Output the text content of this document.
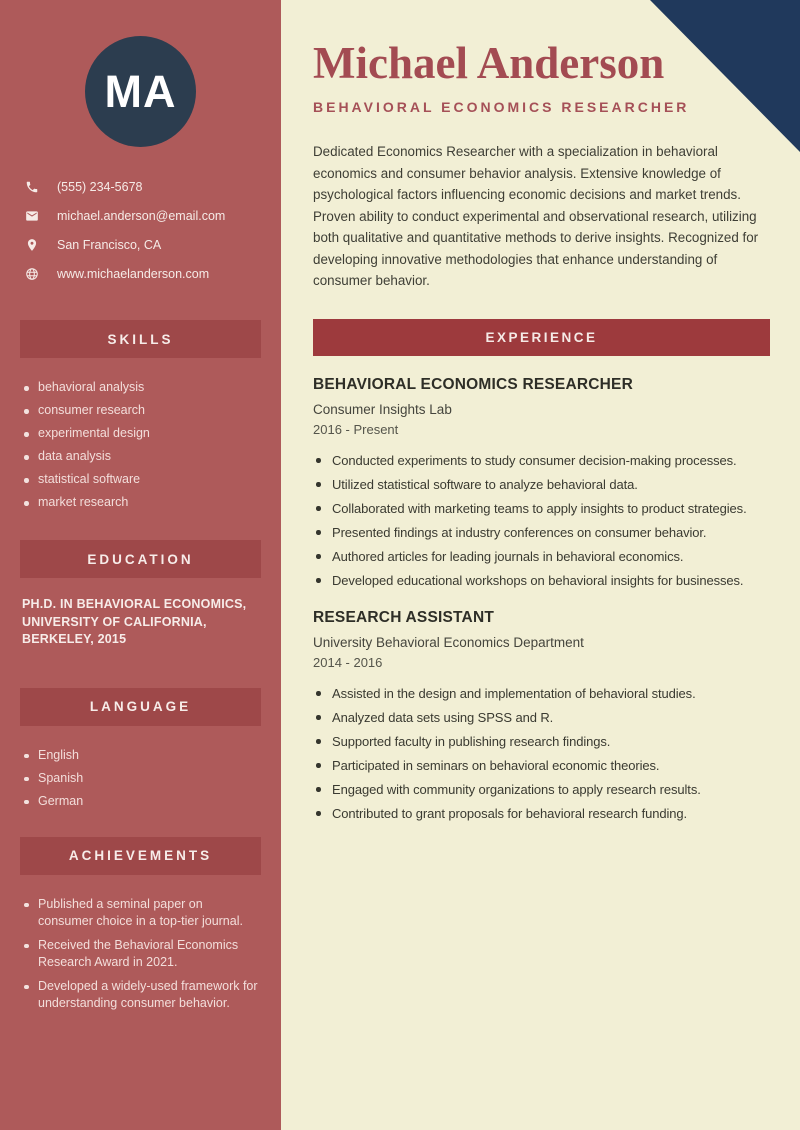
MA
(555) 234-5678
michael.anderson@email.com
San Francisco, CA
www.michaelanderson.com
SKILLS
behavioral analysis
consumer research
experimental design
data analysis
statistical software
market research
EDUCATION

PH.D. IN BEHAVIORAL ECONOMICS, UNIVERSITY OF CALIFORNIA, BERKELEY, 2015

LANGUAGE
English
Spanish
German
ACHIEVEMENTS
Published a seminal paper on consumer choice in a top-tier journal.
Received the Behavioral Economics Research Award in 2021.
Developed a widely-used framework for understanding consumer behavior.
Michael Anderson
BEHAVIORAL ECONOMICS RESEARCHER

Dedicated Economics Researcher with a specialization in behavioral economics and consumer behavior analysis. Extensive knowledge of psychological factors influencing economic decisions and market trends. Proven ability to conduct experimental and observational research, utilizing both qualitative and quantitative methods to derive insights. Recognized for developing innovative methodologies that enhance understanding of consumer behavior.

EXPERIENCE
BEHAVIORAL ECONOMICS RESEARCHER
Consumer Insights Lab
2016 - Present
Conducted experiments to study consumer decision-making processes.
Utilized statistical software to analyze behavioral data.
Collaborated with marketing teams to apply insights to product strategies.
Presented findings at industry conferences on consumer behavior.
Authored articles for leading journals in behavioral economics.
Developed educational workshops on behavioral insights for businesses.
RESEARCH ASSISTANT
University Behavioral Economics Department
2014 - 2016
Assisted in the design and implementation of behavioral studies.
Analyzed data sets using SPSS and R.
Supported faculty in publishing research findings.
Participated in seminars on behavioral economic theories.
Engaged with community organizations to apply research results.
Contributed to grant proposals for behavioral research funding.
